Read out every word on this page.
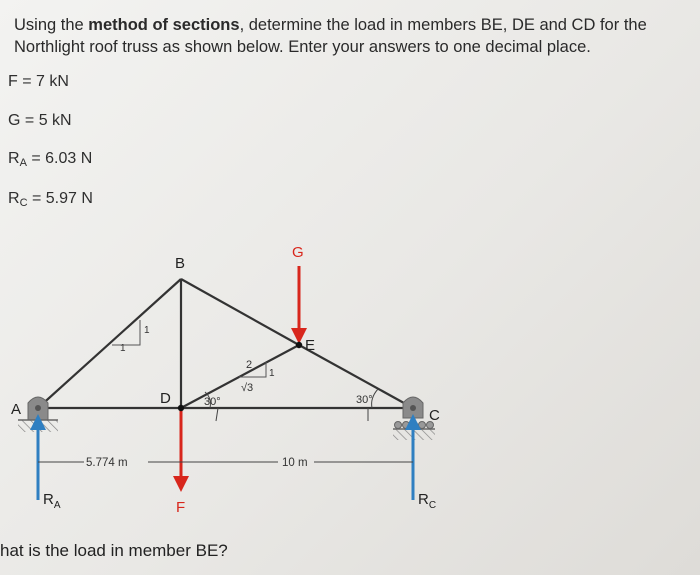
Using the method of sections, determine the load in members BE, DE and CD for the Northlight roof truss as shown below. Enter your answers to one decimal place.
F = 7 kN
G = 5 kN
$R_A = 6.03$ N
$R_C = 5.97$ N
1
1
2
1
√3
30°	30°
5.774 m	10 m
A
B
C
D
E
G
F
$R_A$	$R_C$
hat is the load in member BE?
